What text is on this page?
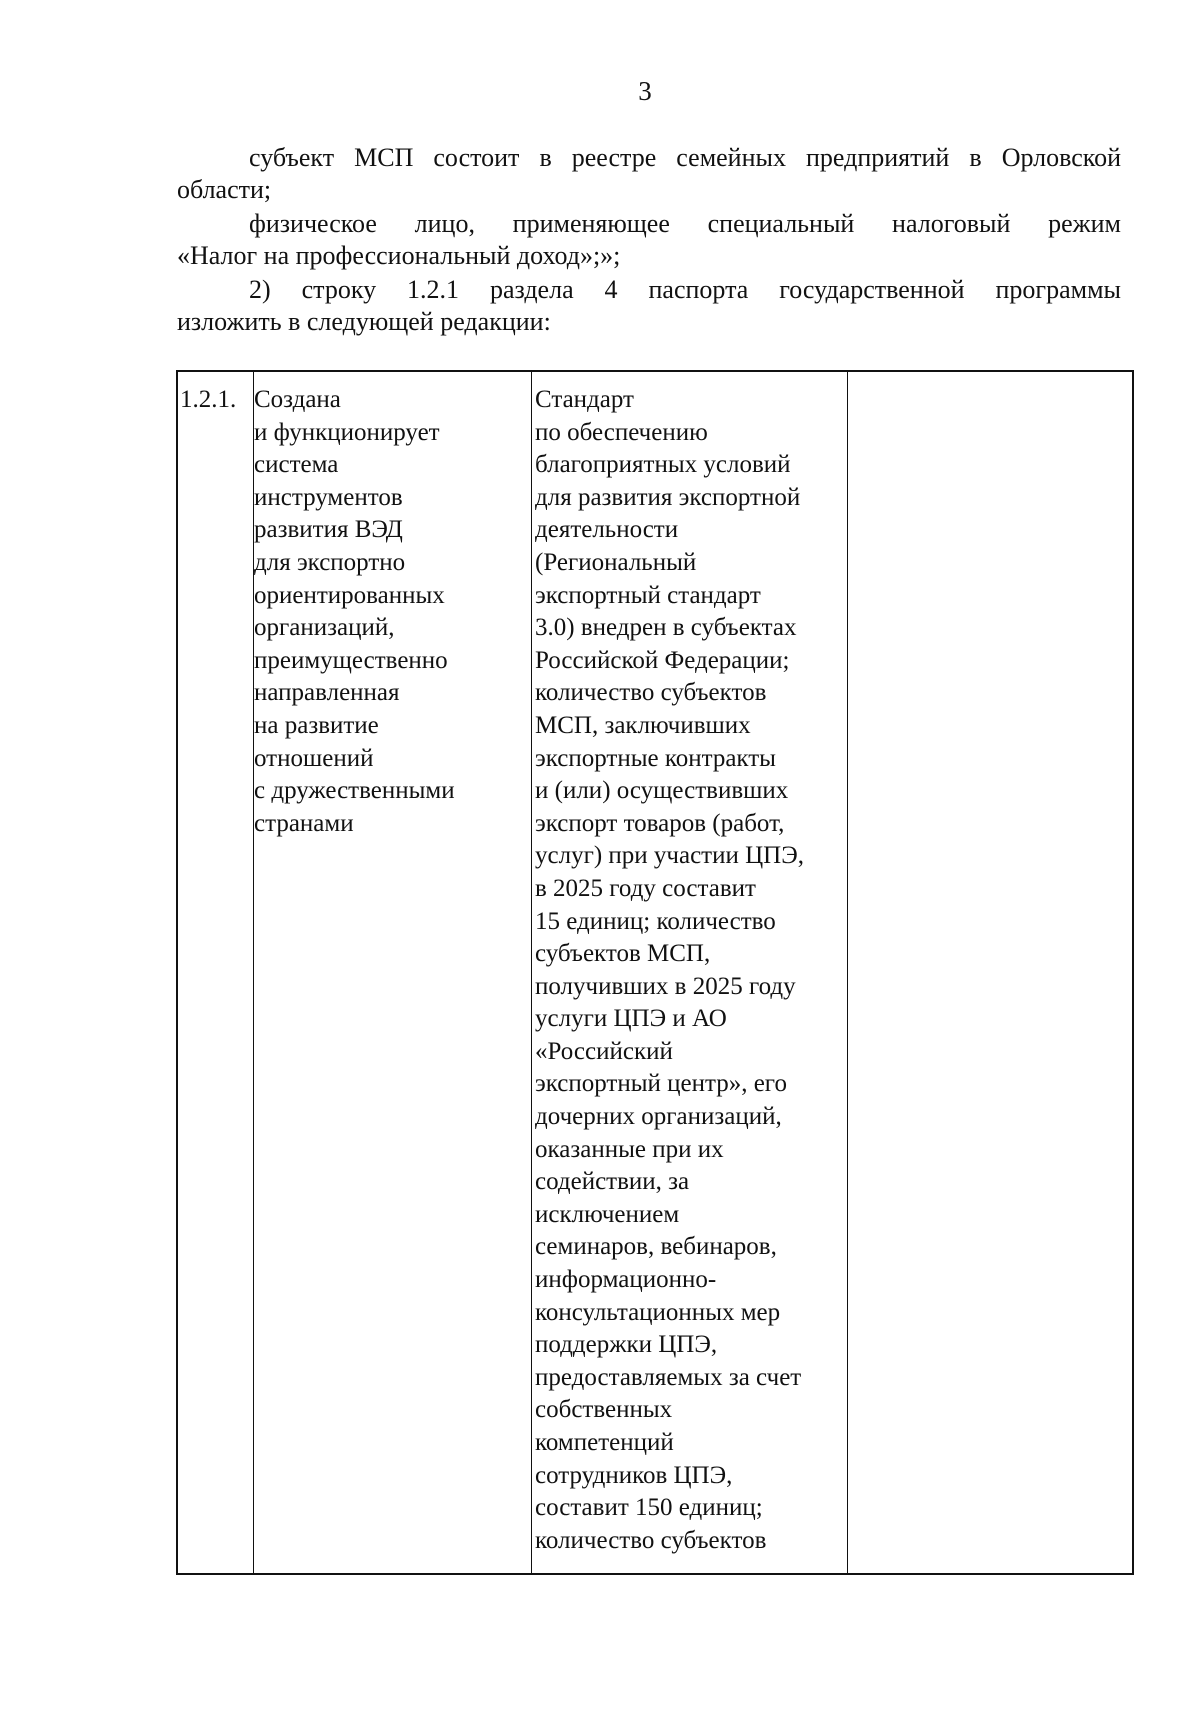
3
субъект МСП состоит в реестре семейных предприятий в Орловской
области;
физическое лицо, применяющее специальный налоговый режим
«Налог на профессиональный доход»;»;
2) строку 1.2.1 раздела 4 паспорта государственной программы
изложить в следующей редакции:
1.2.1. Создана
и функционирует
система
инструментов
развития ВЭД
для экспортно
ориентированных
организаций,
преимущественно
направленная
на развитие
отношений
с дружественными
странами
Стандарт
по обеспечению
благоприятных условий
для развития экспортной
деятельности
(Региональный
экспортный стандарт
3.0) внедрен в субъектах
Российской Федерации;
количество субъектов
МСП, заключивших
экспортные контракты
и (или) осуществивших
экспорт товаров (работ,
услуг) при участии ЦПЭ,
в 2025 году составит
15 единиц; количество
субъектов МСП,
получивших в 2025 году
услуги ЦПЭ и АО
«Российский
экспортный центр», его
дочерних организаций,
оказанные при их
содействии, за
исключением
семинаров, вебинаров,
информационно-
консультационных мер
поддержки ЦПЭ,
предоставляемых за счет
собственных
компетенций
сотрудников ЦПЭ,
составит 150 единиц;
количество субъектов
